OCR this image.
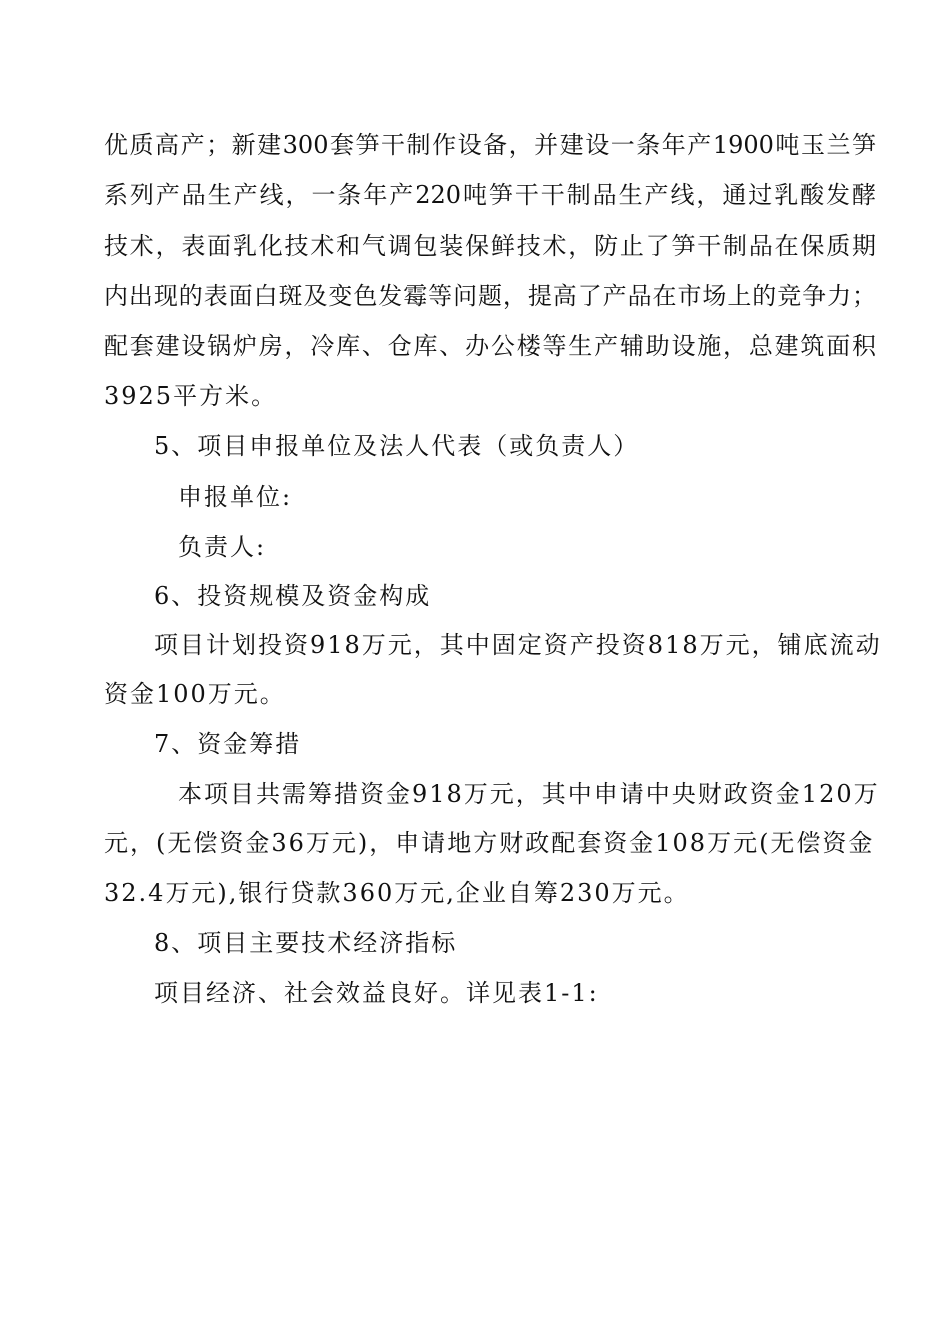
优质高产；新建300套笋干制作设备，并建设一条年产1900吨玉兰笋
系列产品生产线，一条年产220吨笋干干制品生产线，通过乳酸发酵
技术，表面乳化技术和气调包装保鲜技术，防止了笋干制品在保质期
内出现的表面白斑及变色发霉等问题，提高了产品在市场上的竞争力；
配套建设锅炉房，冷库、仓库、办公楼等生产辅助设施，总建筑面积
3925平方米。
5、项目申报单位及法人代表（或负责人）
申报单位:
负责人:
6、投资规模及资金构成
项目计划投资918万元，其中固定资产投资818万元，铺底流动
资金100万元。
7、资金筹措
本项目共需筹措资金918万元，其中申请中央财政资金120万
元，(无偿资金36万元)，申请地方财政配套资金108万元(无偿资金
32.4万元),银行贷款360万元,企业自筹230万元。
8、项目主要技术经济指标
项目经济、社会效益良好。详见表1-1:
